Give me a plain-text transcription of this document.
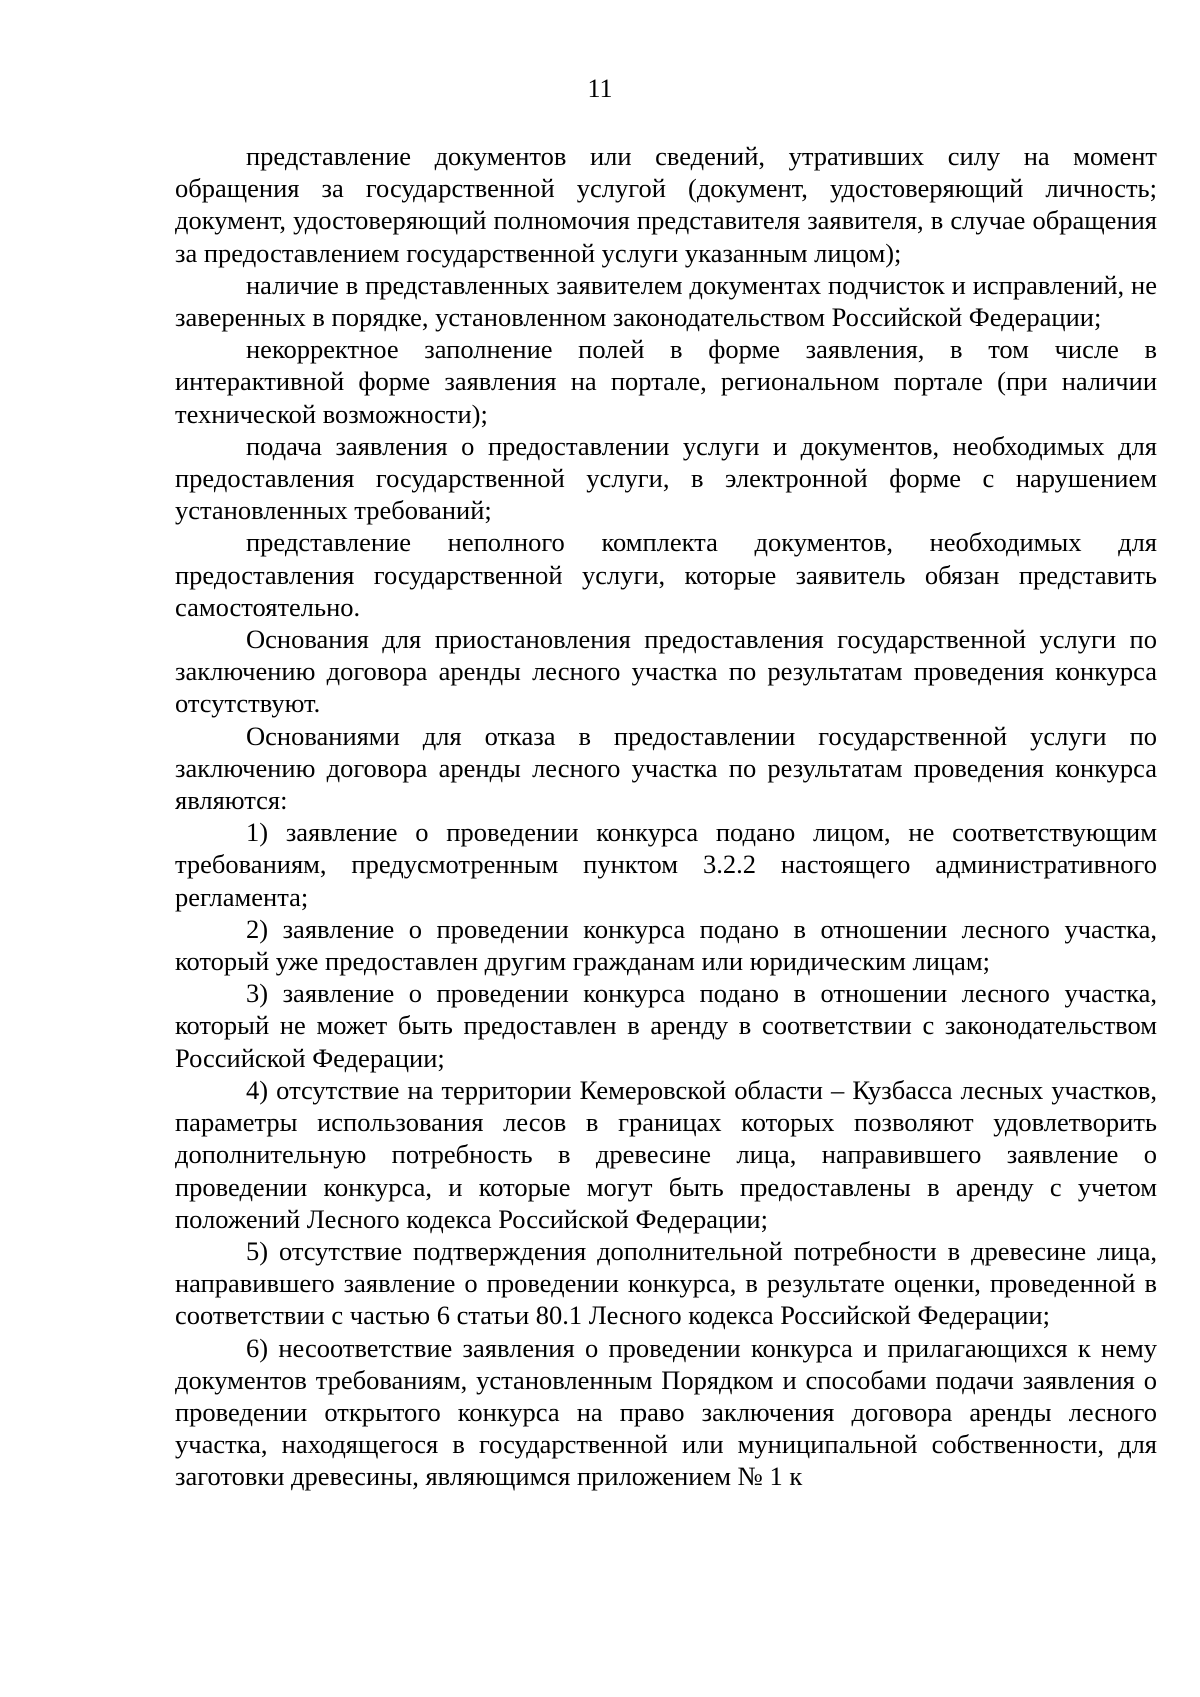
11

представление документов или сведений, утративших силу на момент обращения за государственной услугой (документ, удостоверяющий личность; документ, удостоверяющий полномочия представителя заявителя, в случае обращения за предоставлением государственной услуги указанным лицом);

наличие в представленных заявителем документах подчисток и исправлений, не заверенных в порядке, установленном законодательством Российской Федерации;

некорректное заполнение полей в форме заявления, в том числе в интерактивной форме заявления на портале, региональном портале (при наличии технической возможности);

подача заявления о предоставлении услуги и документов, необходимых для предоставления государственной услуги, в электронной форме с нарушением установленных требований;

представление неполного комплекта документов, необходимых для предоставления государственной услуги, которые заявитель обязан представить самостоятельно.

Основания для приостановления предоставления государственной услуги по заключению договора аренды лесного участка по результатам проведения конкурса отсутствуют.

Основаниями для отказа в предоставлении государственной услуги по заключению договора аренды лесного участка по результатам проведения конкурса являются:

1) заявление о проведении конкурса подано лицом, не соответствующим требованиям, предусмотренным пунктом 3.2.2 настоящего административного регламента;

2) заявление о проведении конкурса подано в отношении лесного участка, который уже предоставлен другим гражданам или юридическим лицам;

3) заявление о проведении конкурса подано в отношении лесного участка, который не может быть предоставлен в аренду в соответствии с законодательством Российской Федерации;

4) отсутствие на территории Кемеровской области – Кузбасса лесных участков, параметры использования лесов в границах которых позволяют удовлетворить дополнительную потребность в древесине лица, направившего заявление о проведении конкурса, и которые могут быть предоставлены в аренду с учетом положений Лесного кодекса Российской Федерации;

5) отсутствие подтверждения дополнительной потребности в древесине лица, направившего заявление о проведении конкурса, в результате оценки, проведенной в соответствии с частью 6 статьи 80.1 Лесного кодекса Российской Федерации;

6) несоответствие заявления о проведении конкурса и прилагающихся к нему документов требованиям, установленным Порядком и способами подачи заявления о проведении открытого конкурса на право заключения договора аренды лесного участка, находящегося в государственной или муниципальной собственности, для заготовки древесины, являющимся приложением № 1 к
